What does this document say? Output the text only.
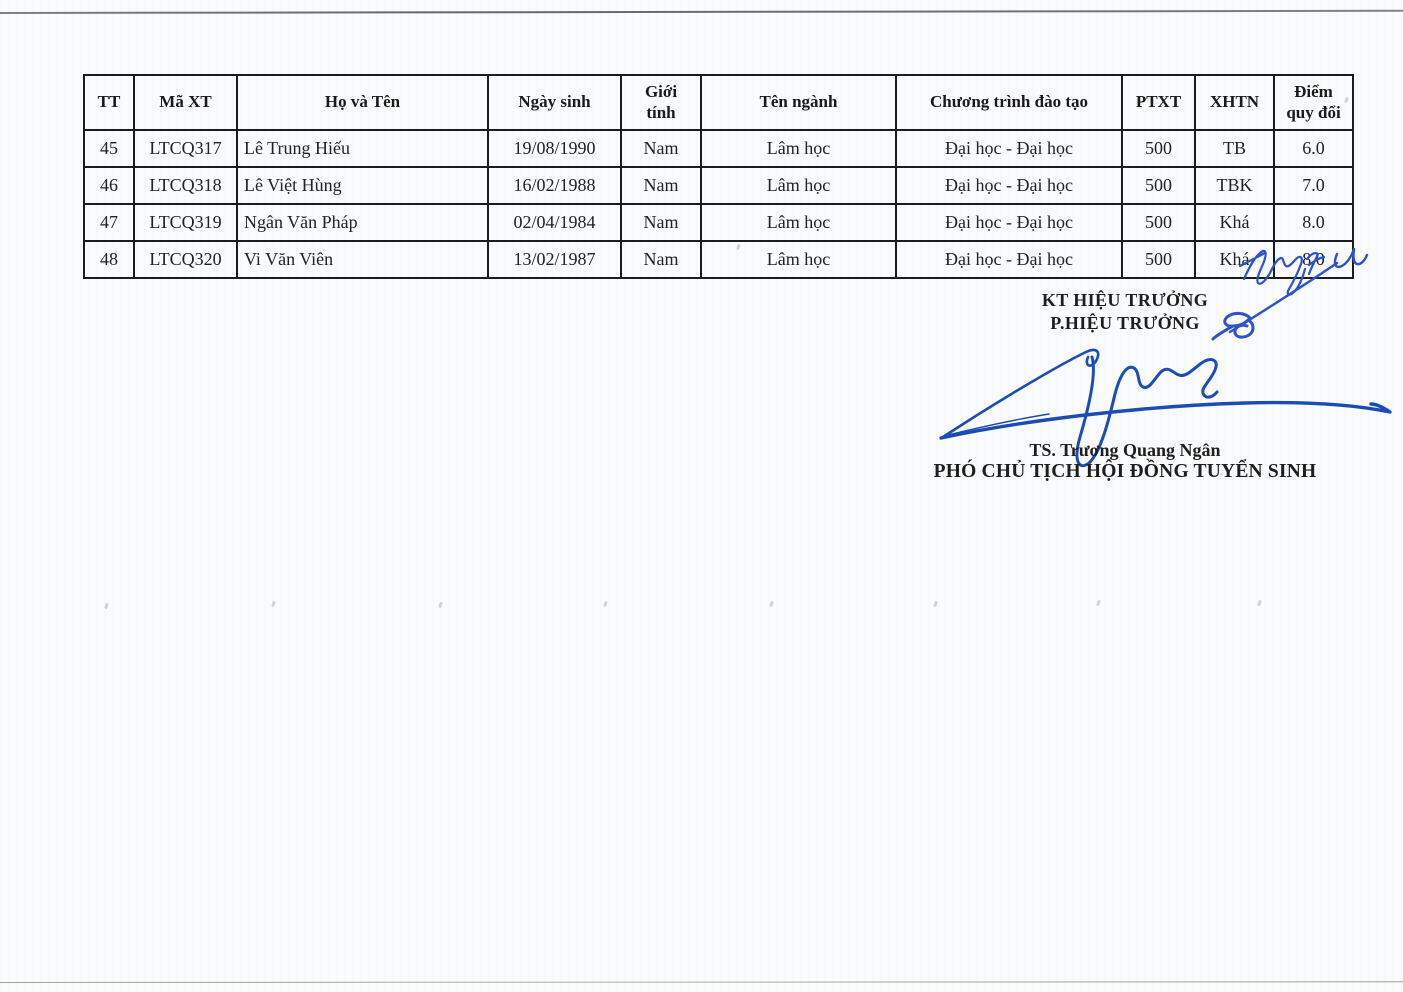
TT	Mã XT	Họ và Tên	Ngày sinh	Giới tính	Tên ngành	Chương trình đào tạo	PTXT	XHTN	Điểm quy đổi
45	LTCQ317	Lê Trung Hiếu	19/08/1990	Nam	Lâm học	Đại học - Đại học	500	TB	6.0
46	LTCQ318	Lê Việt Hùng	16/02/1988	Nam	Lâm học	Đại học - Đại học	500	TBK	7.0
47	LTCQ319	Ngân Văn Pháp	02/04/1984	Nam	Lâm học	Đại học - Đại học	500	Khá	8.0
48	LTCQ320	Vi Văn Viên	13/02/1987	Nam	Lâm học	Đại học - Đại học	500	Khá	8.0
KT HIỆU TRƯỞNG
P.HIỆU TRƯỞNG
TS. Trương Quang Ngân
PHÓ CHỦ TỊCH HỘI ĐỒNG TUYỂN SINH
